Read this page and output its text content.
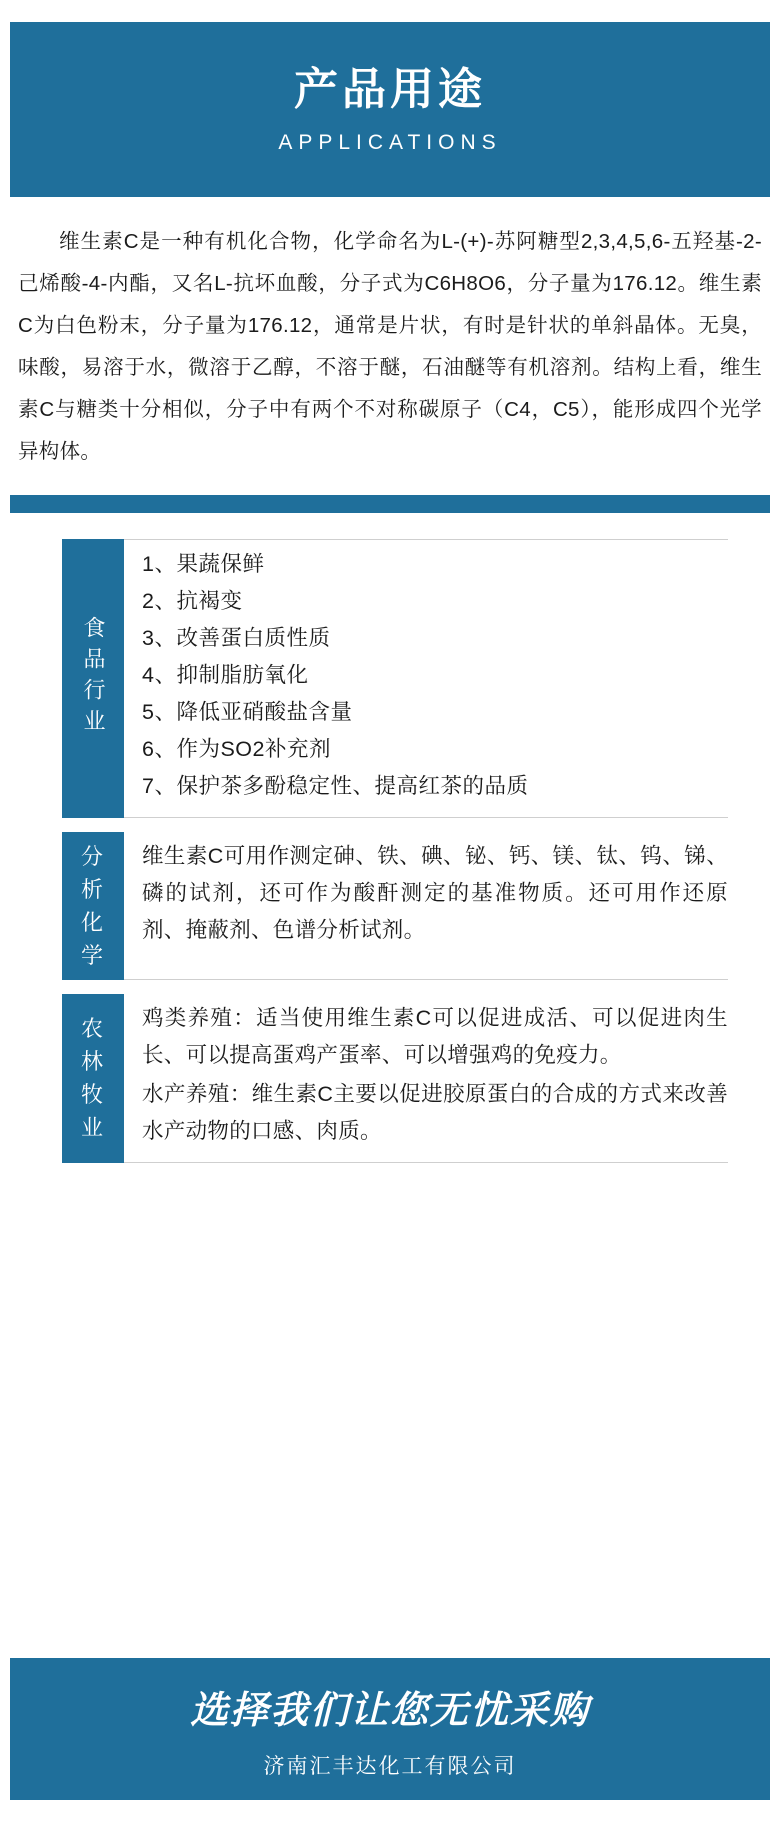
产品用途
APPLICATIONS
维生素C是一种有机化合物，化学命名为L-(+)-苏阿糖型2,3,4,5,6-五羟基-2-己烯酸-4-内酯，又名L-抗坏血酸，分子式为C6H8O6，分子量为176.12。维生素C为白色粉末，分子量为176.12，通常是片状，有时是针状的单斜晶体。无臭，味酸，易溶于水，微溶于乙醇，不溶于醚，石油醚等有机溶剂。结构上看，维生素C与糖类十分相似，分子中有两个不对称碳原子（C4，C5），能形成四个光学异构体。
食品行业
1、果蔬保鲜
2、抗褐变
3、改善蛋白质性质
4、抑制脂肪氧化
5、降低亚硝酸盐含量
6、作为SO2补充剂
7、保护茶多酚稳定性、提高红茶的品质
分析化学
维生素C可用作测定砷、铁、碘、铋、钙、镁、钛、钨、锑、磷的试剂，还可作为酸酐测定的基准物质。还可用作还原剂、掩蔽剂、色谱分析试剂。
农林牧业
鸡类养殖：适当使用维生素C可以促进成活、可以促进肉生长、可以提高蛋鸡产蛋率、可以增强鸡的免疫力。
水产养殖：维生素C主要以促进胶原蛋白的合成的方式来改善水产动物的口感、肉质。
选择我们让您无忧采购
济南汇丰达化工有限公司
